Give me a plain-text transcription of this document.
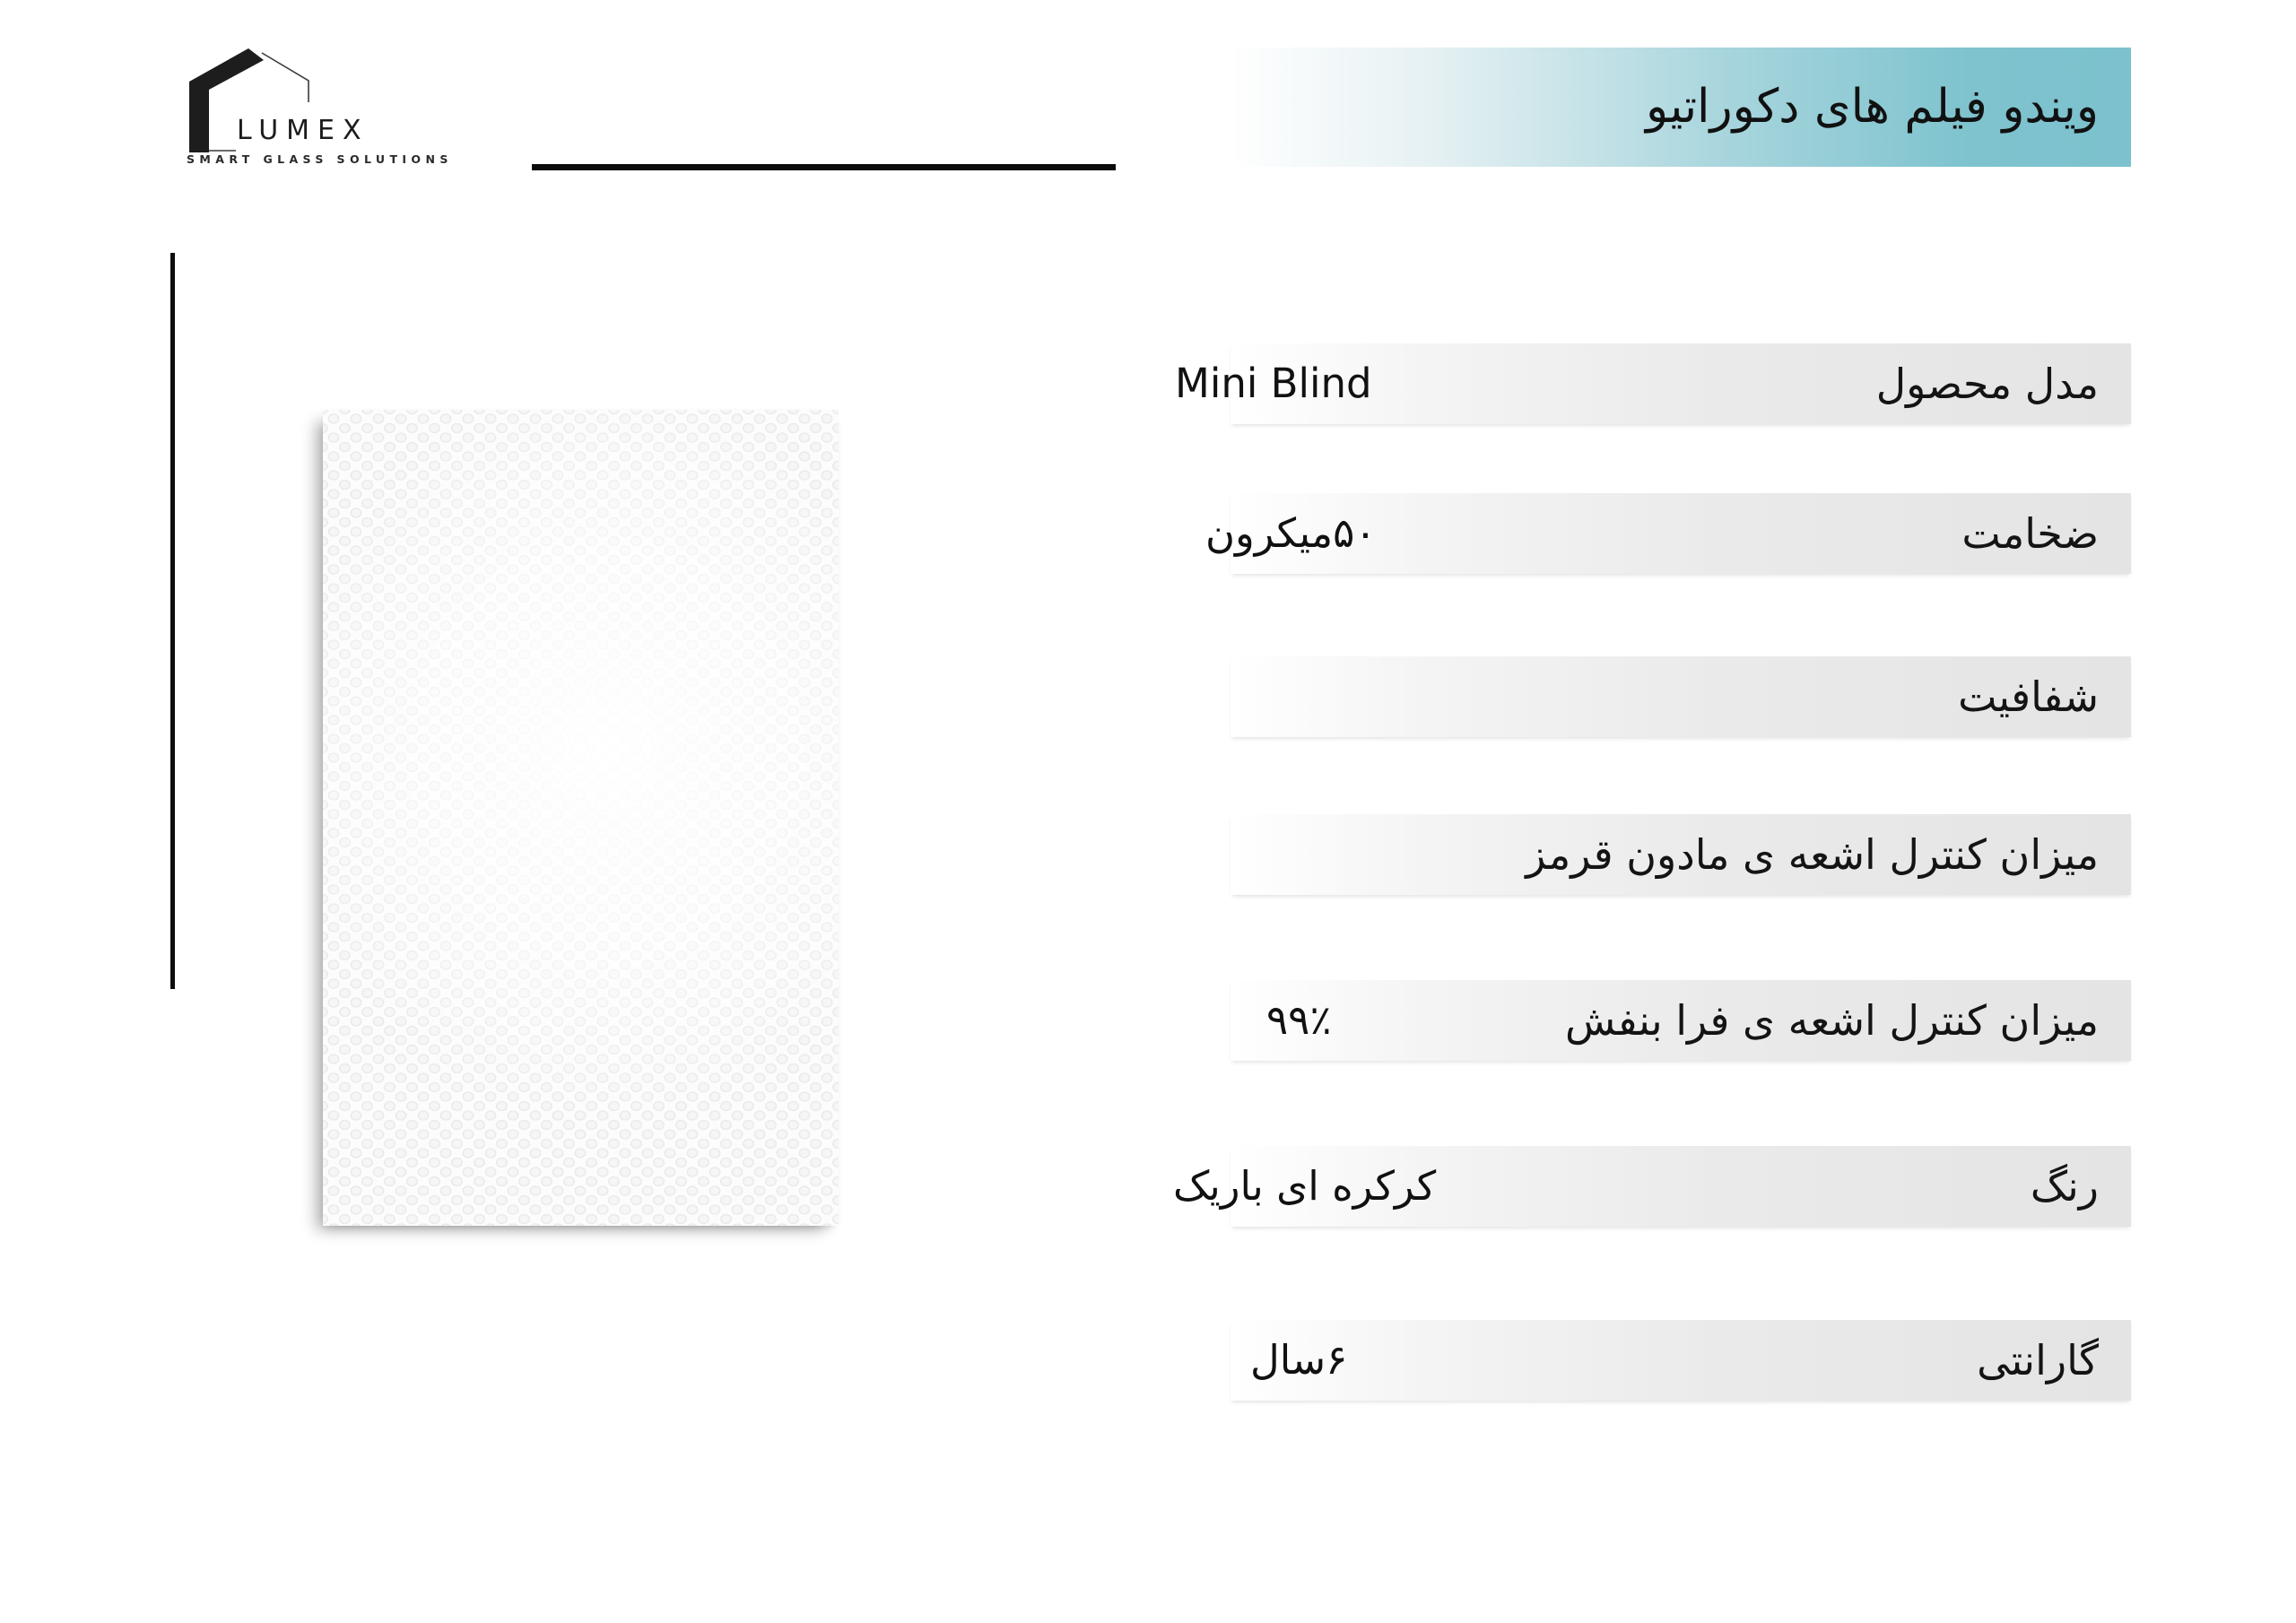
LUMEX
SMART GLASS SOLUTIONS
ویندو فیلم های دکوراتیو
مدل محصول
Mini Blind
ضخامت
۵۰میکرون
شفافیت
میزان کنترل اشعه ی مادون قرمز
میزان کنترل اشعه ی فرا بنفش
۹۹٪
رنگ
کرکره ای باریک
گارانتی
۶سال
